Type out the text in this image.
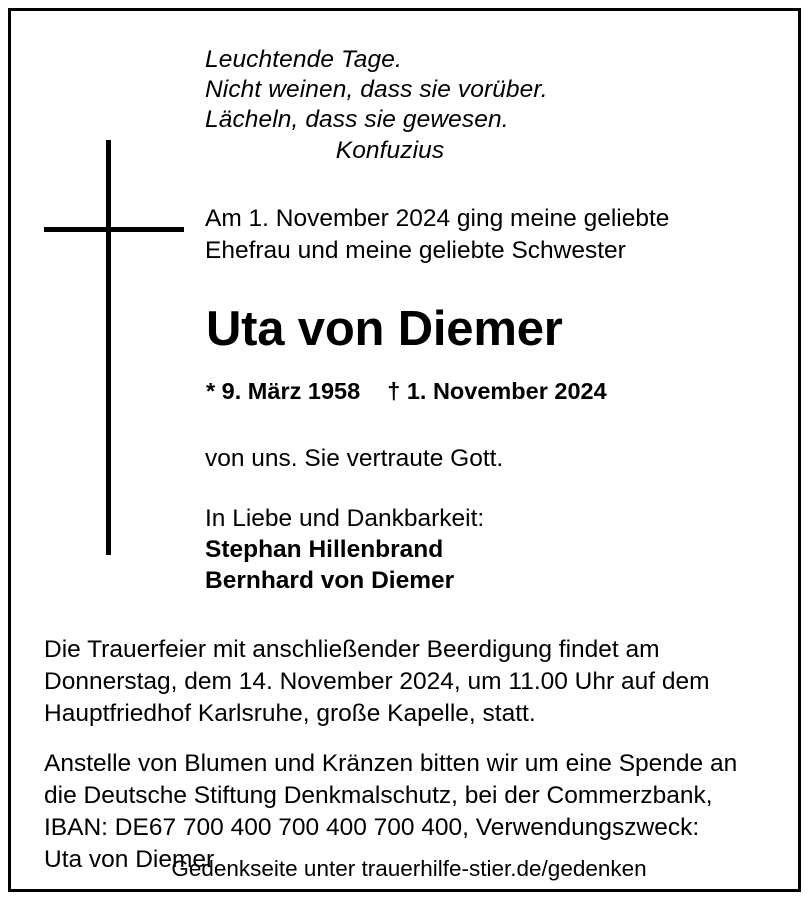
Leuchtende Tage.
Nicht weinen, dass sie vorüber.
Lächeln, dass sie gewesen.
Konfuzius
Am 1. November 2024 ging meine geliebte
Ehefrau und meine geliebte Schwester
Uta von Diemer
* 9. März 1958 † 1. November 2024
von uns. Sie vertraute Gott.
In Liebe und Dankbarkeit:
Stephan Hillenbrand
Bernhard von Diemer

Die Trauerfeier mit anschließender Beerdigung findet am
Donnerstag, dem 14. November 2024, um 11.00 Uhr auf dem
Hauptfriedhof Karlsruhe, große Kapelle, statt.

Anstelle von Blumen und Kränzen bitten wir um eine Spende an
die Deutsche Stiftung Denkmalschutz, bei der Commerzbank,
IBAN: DE67 700 400 700 400 700 400, Verwendungszweck:
Uta von Diemer

Gedenkseite unter trauerhilfe-stier.de/gedenken
